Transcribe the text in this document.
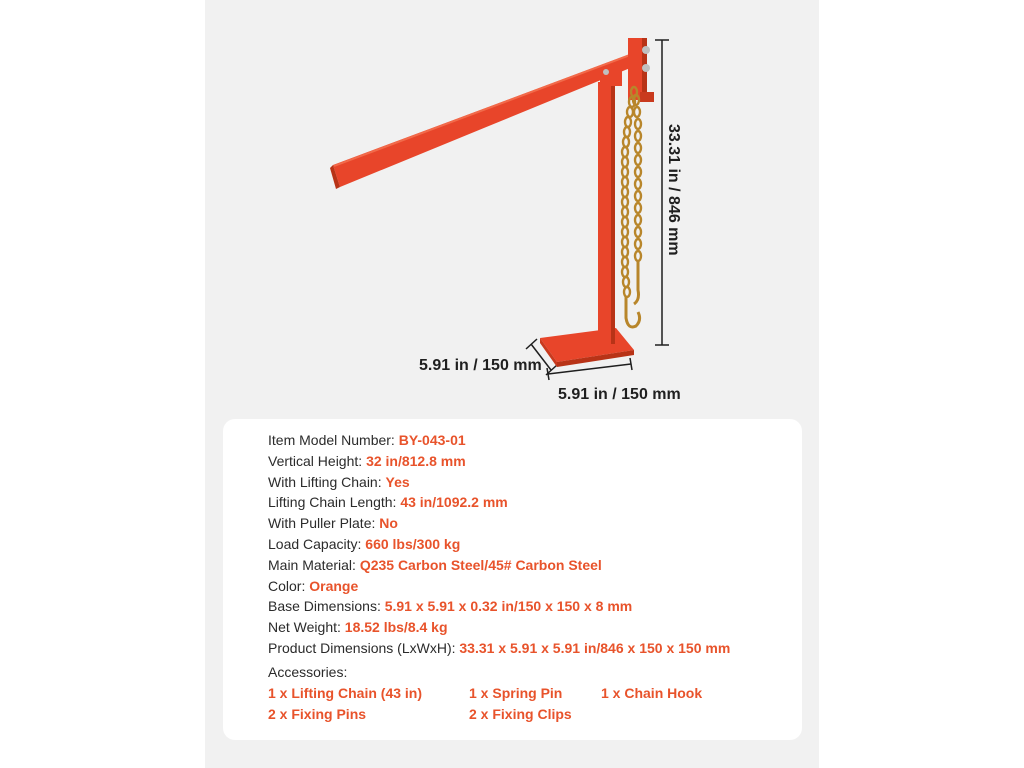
5.91 in / 150 mm
5.91 in / 150 mm
33.31 in / 846 mm
Item Model Number: BY-043-01
Vertical Height: 32 in/812.8 mm
With Lifting Chain: Yes
Lifting Chain Length: 43 in/1092.2 mm
With Puller Plate: No
Load Capacity: 660 lbs/300 kg
Main Material: Q235 Carbon Steel/45# Carbon Steel
Color: Orange
Base Dimensions: 5.91 x 5.91 x 0.32 in/150 x 150 x 8 mm
Net Weight: 18.52 lbs/8.4 kg
Product Dimensions (LxWxH): 33.31 x 5.91 x 5.91 in/846 x 150 x 150 mm
Accessories:
1 x Lifting Chain (43 in)	1 x Spring Pin	1 x Chain Hook
2 x Fixing Pins	2 x Fixing Clips
